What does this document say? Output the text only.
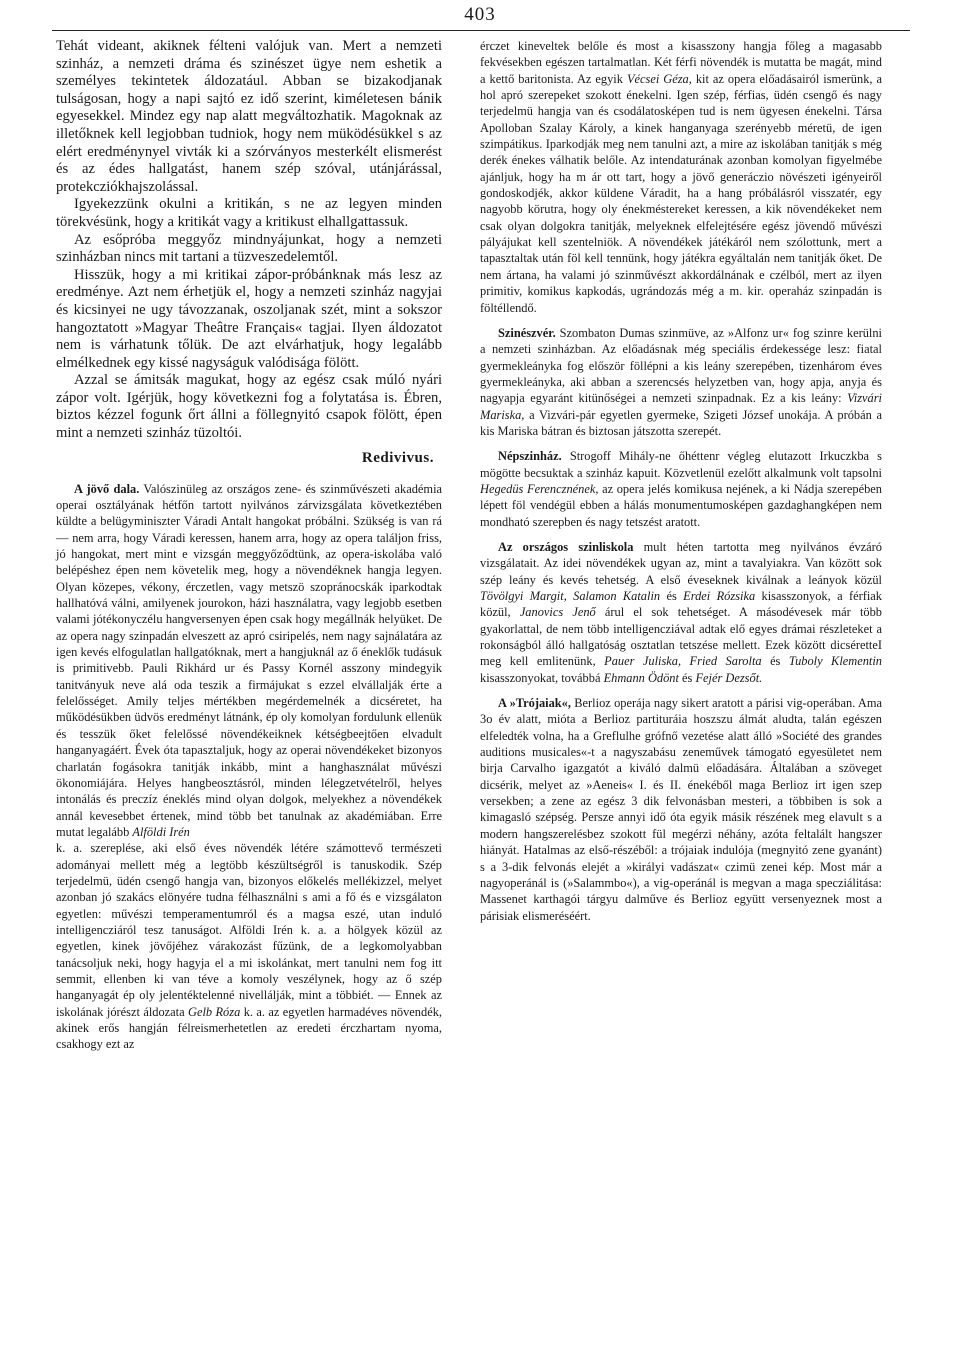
403

Tehát videant, akiknek félteni valójuk van. Mert a nemzeti szinház, a nemzeti dráma és szinészet ügye nem eshetik a személyes tekintetek áldozatául. Abban se bizakodjanak tulságosan, hogy a napi sajtó ez idő szerint, kiméletesen bánik egyesekkel. Mindez egy nap alatt megváltozhatik. Magoknak az illetőknek kell legjobban tudniok, hogy nem müködésükkel s az elért eredménynyel vivták ki a szórványos mesterkélt elismerést és az édes hallgatást, hanem szép szóval, utánjárással, protekcziókhajszolással.

Igyekezzünk okulni a kritikán, s ne az legyen minden törekvésünk, hogy a kritikát vagy a kritikust elhallgattassuk.

Az esőpróba meggyőz mindnyájunkat, hogy a nemzeti szinházban nincs mit tartani a tüzveszedelemtől.

Hisszük, hogy a mi kritikai zápor-próbánknak más lesz az eredménye. Azt nem érhetjük el, hogy a nemzeti szinház nagyjai és kicsinyei ne ugy távozzanak, oszoljanak szét, mint a sokszor hangoztatott »Magyar Theâtre Français« tagjai. Ilyen áldozatot nem is várhatunk tőlük. De azt elvárhatjuk, hogy legalább elmélkednek egy kissé nagyságuk valódisága fölött.

Azzal se ámitsák magukat, hogy az egész csak múló nyári zápor volt. Igérjük, hogy következni fog a folytatása is. Ébren, biztos kézzel fogunk őrt állni a föllegnyitó csapok fölött, épen mint a nemzeti szinház tüzoltói.

Redivivus.

A jövő dala. Valószinüleg az országos zene- és szinművészeti akadémia operai osztályának hétfőn tartott nyilvános zárvizsgálata következtében küldte a belügyminiszter Váradi Antalt hangokat próbálni. Szükség is van rá — nem arra, hogy Váradi keressen, hanem arra, hogy az opera találjon friss, jó hangokat, mert mint e vizsgán meggyőződtünk, az opera-iskolába való belépéshez épen nem követelik meg, hogy a növendéknek hangja legyen. Olyan közepes, vékony, érczetlen, vagy metszö szopránocskák iparkodtak hallhatóvá válni, amilyenek jourokon, házi használatra, vagy legjobb esetben valami jótékonyczélu hangversenyen épen csak hogy megállnák helyüket. De az opera nagy szinpadán elveszett az apró csiripelés, nem nagy sajnálatára az igen kevés elfogulatlan hallgatóknak, mert a hangjuknál az ő éneklők tudásuk is primitivebb. Pauli Rikhárd ur és Passy Kornél asszony mindegyik tanitványuk neve alá oda teszik a firmájukat s ezzel elvállalják érte a felelősséget. Amily teljes mértékben megérdemelnék a dicséretet, ha működésükben üdvös eredményt látnánk, ép oly komolyan fordulunk ellenük és tesszük őket felelőssé növendékeiknek kétségbeejtően elvadult hanganyagáért. Évek óta tapasztaljuk, hogy az operai növendékeket bizonyos charlatán fogásokra tanitják inkább, mint a hanghasználat művészi ökonomiájára. Helyes hangbeosztásról, minden lélegzetvételről, helyes intonálás és preczíz éneklés mind olyan dolgok, melyekhez a növendékek annál kevesebbet értenek, mind több bet tanulnak az akadémiában. Erre mutat legalább Alföldi Irén

k. a. szereplése, aki első éves növendék létére számottevő természeti adományai mellett még a legtöbb készültségről is tanuskodik. Szép terjedelmü, üdén csengő hangja van, bizonyos előkelés mellékizzel, melyet azonban jó szakács elönyére tudna félhasználni s ami a fő és e vizsgálaton egyetlen: művészi temperamentumról és a magsa eszé, utan induló intelligencziáról tesz tanuságot. Alföldi Irén k. a. a hölgyek közül az egyetlen, kinek jövőjéhez várakozást fűzünk, de a legkomolyabban tanácsoljuk neki, hogy hagyja el a mi iskolánkat, mert tanulni nem fog itt semmit, ellenben ki van téve a komoly veszélynek, hogy az ő szép hanganyagát ép oly jelentéktelenné nivellálják, mint a többiét. — Ennek az iskolának jórészt áldozata Gelb Róza k. a. az egyetlen harmadéves növendék, akinek erős hangján félreismerhetetlen az eredeti érczhartam nyoma, csakhogy ezt az

érczet kineveltek belőle és most a kisasszony hangja főleg a magasabb fekvésekben egészen tartalmatlan. Két férfi növendék is mutatta be magát, mind a kettő baritonista. Az egyik Vécsei Géza, kit az opera előadásairól ismerünk, a hol apró szerepeket szokott énekelni. Igen szép, férfias, üdén csengő és nagy terjedelmü hangja van és csodálatosképen tud is nem ügyesen énekelni. Társa Apolloban Szalay Károly, a kinek hanganyaga szerényebb méretü, de igen szimpátikus. Iparkodják meg nem tanulni azt, a mire az iskolában tanitják s még derék énekes válhatik belőle. Az intendaturának azonban komolyan figyelmébe ajánljuk, hogy ha m ár ott tart, hogy a jövő generáczio növészeti igényeiről gondoskodjék, akkor küldene Váradit, ha a hang próbálásról visszatér, egy nagyobb körutra, hogy oly énekméstereket keressen, a kik növendékeket nem csak olyan dolgokra tanitják, melyeknek elfelejtésére egész jövendő művészi pályájukat kell szentelniök. A növendékek játékáról nem szólottunk, mert a tapasztaltak után föl kell tennünk, hogy játékra egyáltalán nem tanitják őket. De nem ártana, ha valami jó szinművészt akkordálnának e czélból, mert az ilyen primitiv, komikus kapkodás, ugrándozás még a m. kir. operaház szinpadán is föltéllendő.

Szinészvér. Szombaton Dumas szinmüve, az »Alfonz ur« fog szinre kerülni a nemzeti szinházban. Az előadásnak még speciális érdekessége lesz: fiatal gyermekleányka fog először föllépni a kis leány szerepében, tizenhárom éves gyermekleányka, aki abban a szerencsés helyzetben van, hogy apja, anyja és nagyapja egyaránt kitünőségei a nemzeti szinpadnak. Ez a kis leány: Vizvári Mariska, a Vizvári-pár egyetlen gyermeke, Szigeti József unokája. A próbán a kis Mariska bátran és biztosan játszotta szerepét.

Népszinház. Strogoff Mihály-ne őhéttenr végleg elutazott Irkuczkba s mögötte becsuktak a szinház kapuit. Közvetlenül ezelőtt alkalmunk volt tapsolni Hegedüs Ferencznének, az opera jelés komikusa nejének, a ki Nádja szerepében lépett föl vendégül ebben a hálás monumentumosképen gazdaghangképen nem mondható szerepben és nagy tetszést aratott.

Az országos szinliskola mult héten tartotta meg nyilvános évzáró vizsgálatait. Az idei növendékek ugyan az, mint a tavalyiakra. Van között sok szép leány és kevés tehetség. A első éveseknek kiválnak a leányok közül Tövölgyi Margit, Salamon Katalin és Erdei Rózsika kisasszonyok, a férfiak közül, Janovics Jenő árul el sok tehetséget. A másodévesek már több gyakorlattal, de nem több intelligencziával adtak elő egyes drámai részleteket a rokonságból álló hallgatóság osztatlan tetszése mellett. Ezek között dicséretteI meg kell emlitenünk, Pauer Juliska, Fried Sarolta és Tuboly Klementin kisasszonyokat, továbbá Ehmann Ödönt és Fejér Dezsőt.

A »Trójaiak«, Berlioz operája nagy sikert aratott a párisi vig-operában. Ama 3o év alatt, mióta a Berlioz partituráia hoszszu álmát aludta, talán egészen elfeledték volna, ha a Greflulhe grófnő vezetése alatt álló »Société des grandes auditions musicales«-t a nagyszabásu zeneművek támogató egyesületet nem birja Carvalho igazgatót a kiváló dalmü előadására. Általában a szöveget dicsérik, melyet az »Aeneis« I. és II. énekéből maga Berlioz irt igen szep versekben; a zene az egész 3 dik felvonásban mesteri, a többiben is sok a kimagasló szépség. Persze annyi idő óta egyik másik részének meg elavult s a modern hangszerelésbez szokott fül megérzi néhány, azóta feltalált hangszer hiányát. Hatalmas az első-részéből: a trójaiak indulója (megnyitó zene gyanánt) s a 3-dik felvonás elejét a »királyi vadászat« czimü zenei kép. Most már a nagyoperánál is (»Salammbo«), a vig-operánál is megvan a maga specziálitása: Massenet karthagói tárgyu dalműve és Berlioz együtt versenyeznek most a párisiak elismeréséért.
